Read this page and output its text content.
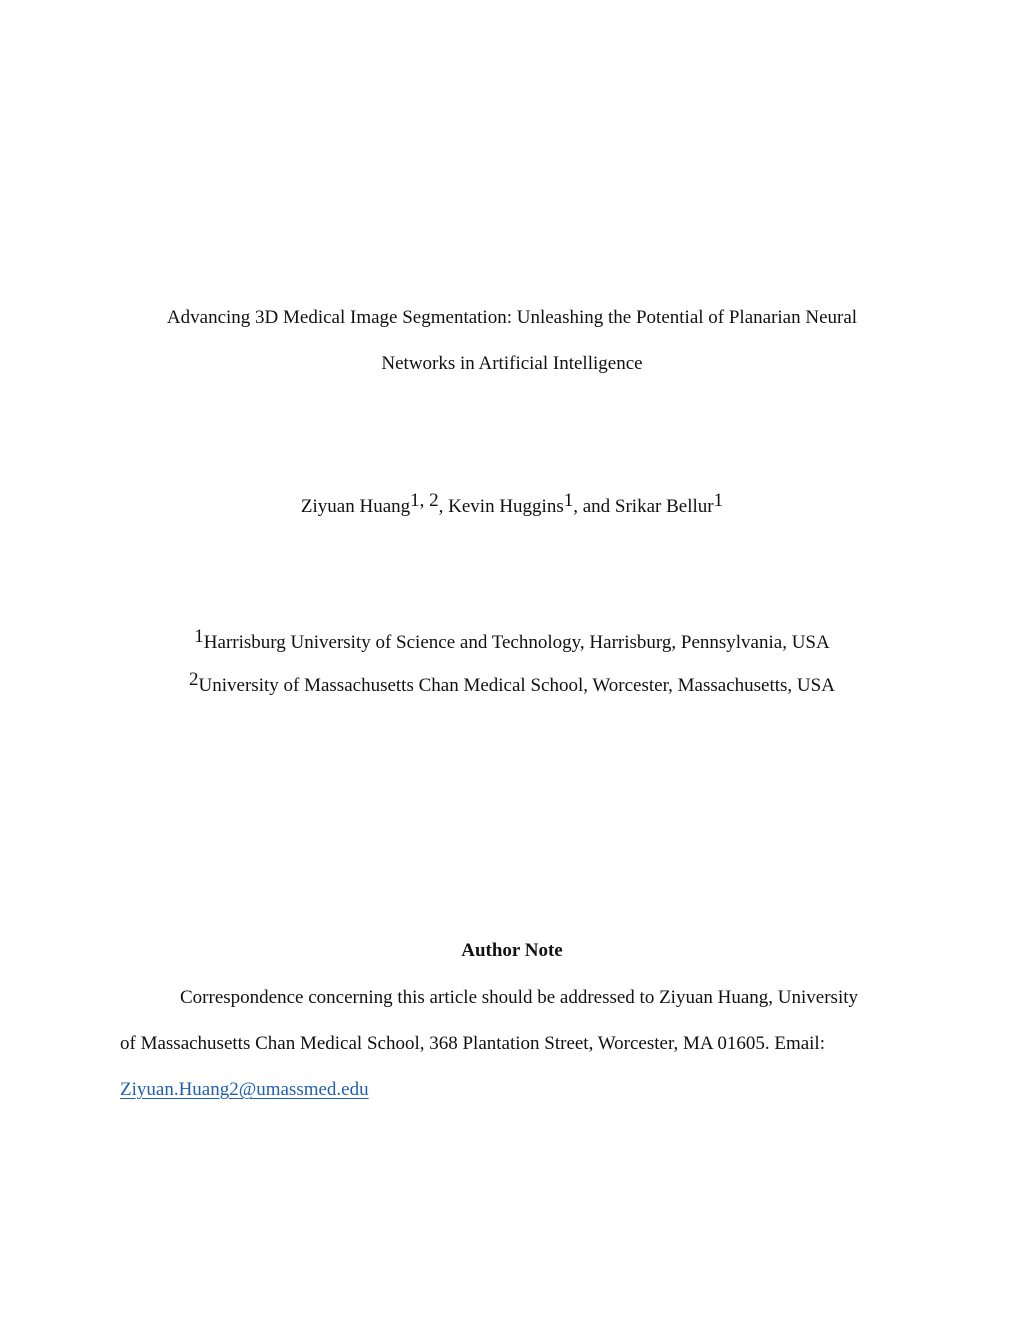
Advancing 3D Medical Image Segmentation: Unleashing the Potential of Planarian Neural
Networks in Artificial Intelligence
Ziyuan Huang1, 2, Kevin Huggins1, and Srikar Bellur1
1Harrisburg University of Science and Technology, Harrisburg, Pennsylvania, USA
2University of Massachusetts Chan Medical School, Worcester, Massachusetts, USA
Author Note
Correspondence concerning this article should be addressed to Ziyuan Huang, University
of Massachusetts Chan Medical School, 368 Plantation Street, Worcester, MA 01605. Email:
Ziyuan.Huang2@umassmed.edu
